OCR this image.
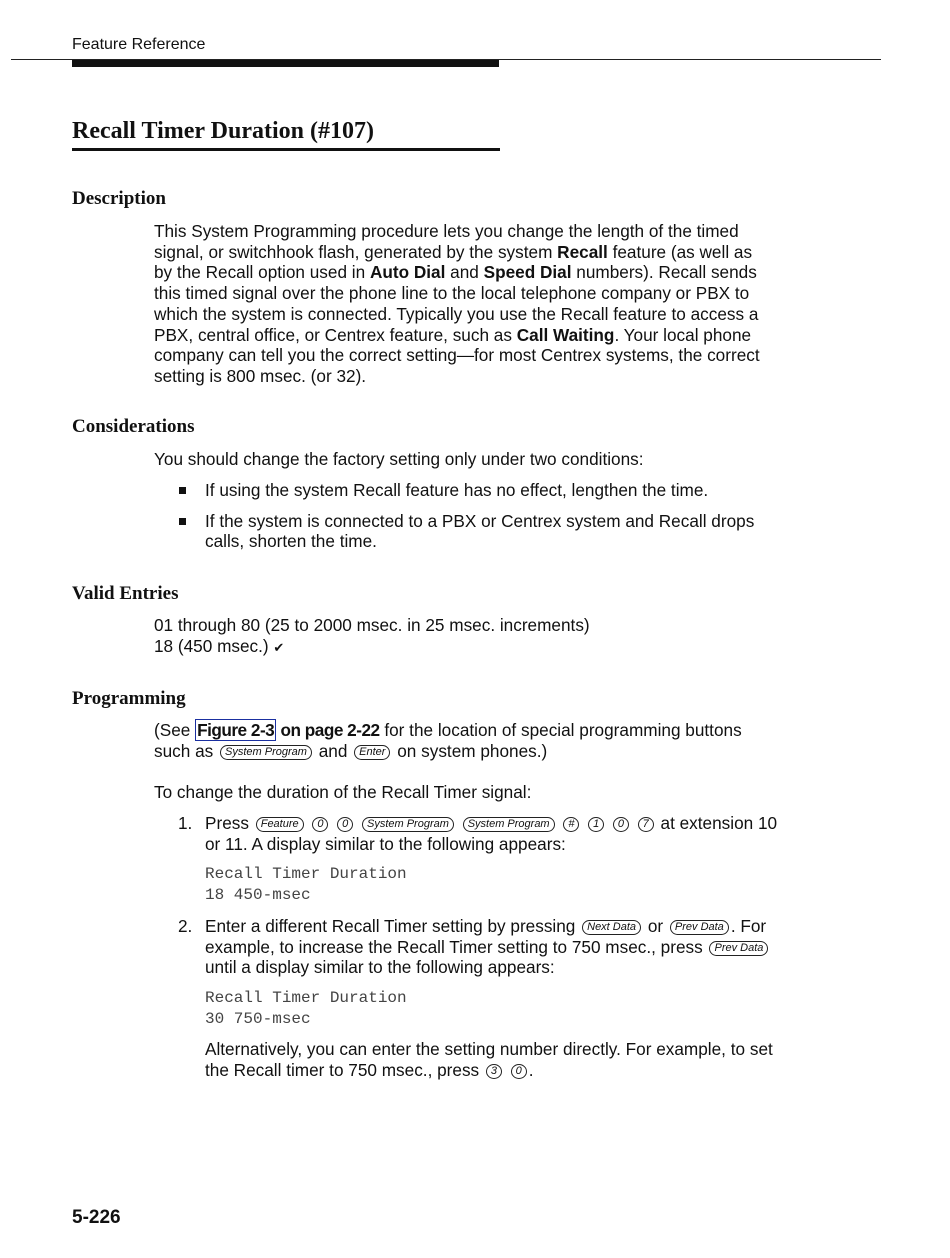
Feature Reference
Recall Timer Duration (#107)
Description
This System Programming procedure lets you change the length of the timed signal, or switchhook flash, generated by the system Recall feature (as well as by the Recall option used in Auto Dial and Speed Dial numbers). Recall sends this timed signal over the phone line to the local telephone company or PBX to which the system is connected. Typically you use the Recall feature to access a PBX, central office, or Centrex feature, such as Call Waiting. Your local phone company can tell you the correct setting—for most Centrex systems, the correct setting is 800 msec. (or 32).
Considerations
You should change the factory setting only under two conditions:
If using the system Recall feature has no effect, lengthen the time.
If the system is connected to a PBX or Centrex system and Recall drops calls, shorten the time.
Valid Entries
01 through 80 (25 to 2000 msec. in 25 msec. increments)
18 (450 msec.) ✔
Programming
(See Figure 2-3 on page 2-22 for the location of special programming buttons such as System Program and Enter on system phones.)
To change the duration of the Recall Timer signal:
1. Press Feature 0 0 System Program System Program # 1 0 7 at extension 10 or 11. A display similar to the following appears:

Recall Timer Duration
18 450-msec
2. Enter a different Recall Timer setting by pressing Next Data or Prev Data . For example, to increase the Recall Timer setting to 750 msec., press Prev Data until a display similar to the following appears:

Recall Timer Duration
30 750-msec

Alternatively, you can enter the setting number directly. For example, to set the Recall timer to 750 msec., press 3 0 .

5-226
